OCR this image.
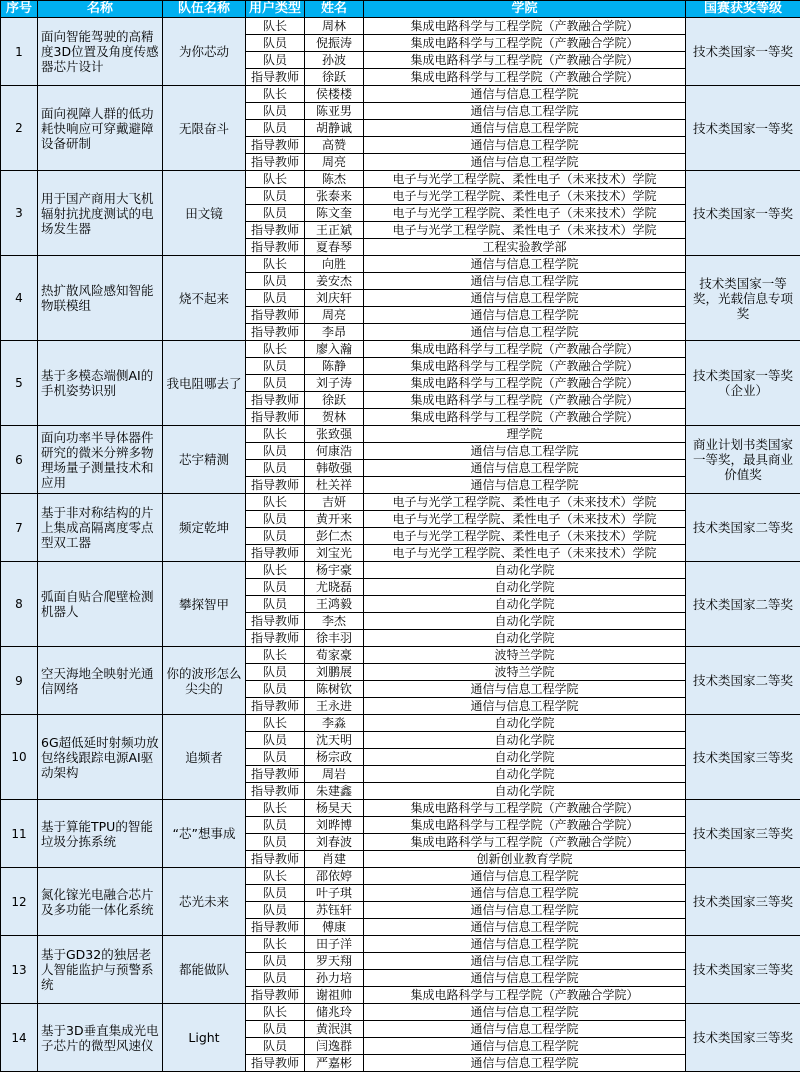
序号	名称	队伍名称	用户类型	姓名	学院	国赛获奖等级
1	面向智能驾驶的高精度3D位置及角度传感器芯片设计	为你芯动	队长	周林	集成电路科学与工程学院（产教融合学院）	技术类国家一等奖
			队员	倪振涛	集成电路科学与工程学院（产教融合学院）	
			队员	孙波	集成电路科学与工程学院（产教融合学院）	
			指导教师	徐跃	集成电路科学与工程学院（产教融合学院）	
2	面向视障人群的低功耗快响应可穿戴避障设备研制	无限奋斗	队长	侯楼楼	通信与信息工程学院	技术类国家一等奖
			队员	陈亚男	通信与信息工程学院	
			队员	胡静诚	通信与信息工程学院	
			指导教师	高赞	通信与信息工程学院	
			指导教师	周亮	通信与信息工程学院	
3	用于国产商用大飞机辐射抗扰度测试的电场发生器	田文镜	队长	陈杰	电子与光学工程学院、柔性电子（未来技术）学院	技术类国家一等奖
			队员	张泰来	电子与光学工程学院、柔性电子（未来技术）学院	
			队员	陈文奎	电子与光学工程学院、柔性电子（未来技术）学院	
			指导教师	王正斌	电子与光学工程学院、柔性电子（未来技术）学院	
			指导教师	夏春琴	工程实验教学部	
4	热扩散风险感知智能物联模组	烧不起来	队长	向胜	通信与信息工程学院	技术类国家一等奖，光载信息专项奖
			队员	姜安杰	通信与信息工程学院	
			队员	刘庆轩	通信与信息工程学院	
			指导教师	周亮	通信与信息工程学院	
			指导教师	李昂	通信与信息工程学院	
5	基于多模态端侧AI的手机姿势识别	我电阻哪去了	队长	廖入瀚	集成电路科学与工程学院（产教融合学院）	技术类国家一等奖（企业）
			队员	陈静	集成电路科学与工程学院（产教融合学院）	
			队员	刘子涛	集成电路科学与工程学院（产教融合学院）	
			指导教师	徐跃	集成电路科学与工程学院（产教融合学院）	
			指导教师	贺林	集成电路科学与工程学院（产教融合学院）	
6	面向功率半导体器件研究的微米分辨多物理场量子测量技术和应用	芯宇精测	队长	张致强	理学院	商业计划书类国家一等奖，最具商业价值奖
			队员	何康浩	通信与信息工程学院	
			队员	韩敬强	通信与信息工程学院	
			指导教师	杜关祥	通信与信息工程学院	
7	基于非对称结构的片上集成高隔离度零点型双工器	频定乾坤	队长	吉妍	电子与光学工程学院、柔性电子（未来技术）学院	技术类国家二等奖
			队员	黄开来	电子与光学工程学院、柔性电子（未来技术）学院	
			队员	彭仁杰	电子与光学工程学院、柔性电子（未来技术）学院	
			指导教师	刘宝光	电子与光学工程学院、柔性电子（未来技术）学院	
8	弧面自贴合爬壁检测机器人	攀探智甲	队长	杨宇豪	自动化学院	技术类国家二等奖
			队员	尤晓磊	自动化学院	
			队员	王鸿毅	自动化学院	
			指导教师	李杰	自动化学院	
			指导教师	徐丰羽	自动化学院	
9	空天海地全映射光通信网络	你的波形怎么尖尖的	队长	荀家豪	波特兰学院	技术类国家二等奖
			队员	刘鹏展	波特兰学院	
			队员	陈树钦	通信与信息工程学院	
			指导教师	王永进	通信与信息工程学院	
10	6G超低延时射频功放包络线跟踪电源AI驱动架构	追频者	队长	李淼	自动化学院	技术类国家三等奖
			队员	沈天明	自动化学院	
			队员	杨宗政	自动化学院	
			指导教师	周岩	自动化学院	
			指导教师	朱建鑫	自动化学院	
11	基于算能TPU的智能垃圾分拣系统	“芯”想事成	队长	杨昊天	集成电路科学与工程学院（产教融合学院）	技术类国家三等奖
			队员	刘晔博	集成电路科学与工程学院（产教融合学院）	
			队员	刘春波	集成电路科学与工程学院（产教融合学院）	
			指导教师	肖建	创新创业教育学院	
12	氮化镓光电融合芯片及多功能一体化系统	芯光未来	队长	邵依婷	通信与信息工程学院	技术类国家三等奖
			队员	叶子琪	通信与信息工程学院	
			队员	苏钰轩	通信与信息工程学院	
			指导教师	傅康	通信与信息工程学院	
13	基于GD32的独居老人智能监护与预警系统	都能做队	队长	田子洋	通信与信息工程学院	技术类国家三等奖
			队员	罗天翔	通信与信息工程学院	
			队员	孙力培	通信与信息工程学院	
			指导教师	谢祖帅	集成电路科学与工程学院（产教融合学院）	
14	基于3D垂直集成光电子芯片的微型风速仪	Light	队长	储兆玲	通信与信息工程学院	技术类国家三等奖
			队员	黄泯淇	通信与信息工程学院	
			队员	闫逸群	通信与信息工程学院	
			指导教师	严嘉彬	通信与信息工程学院	
